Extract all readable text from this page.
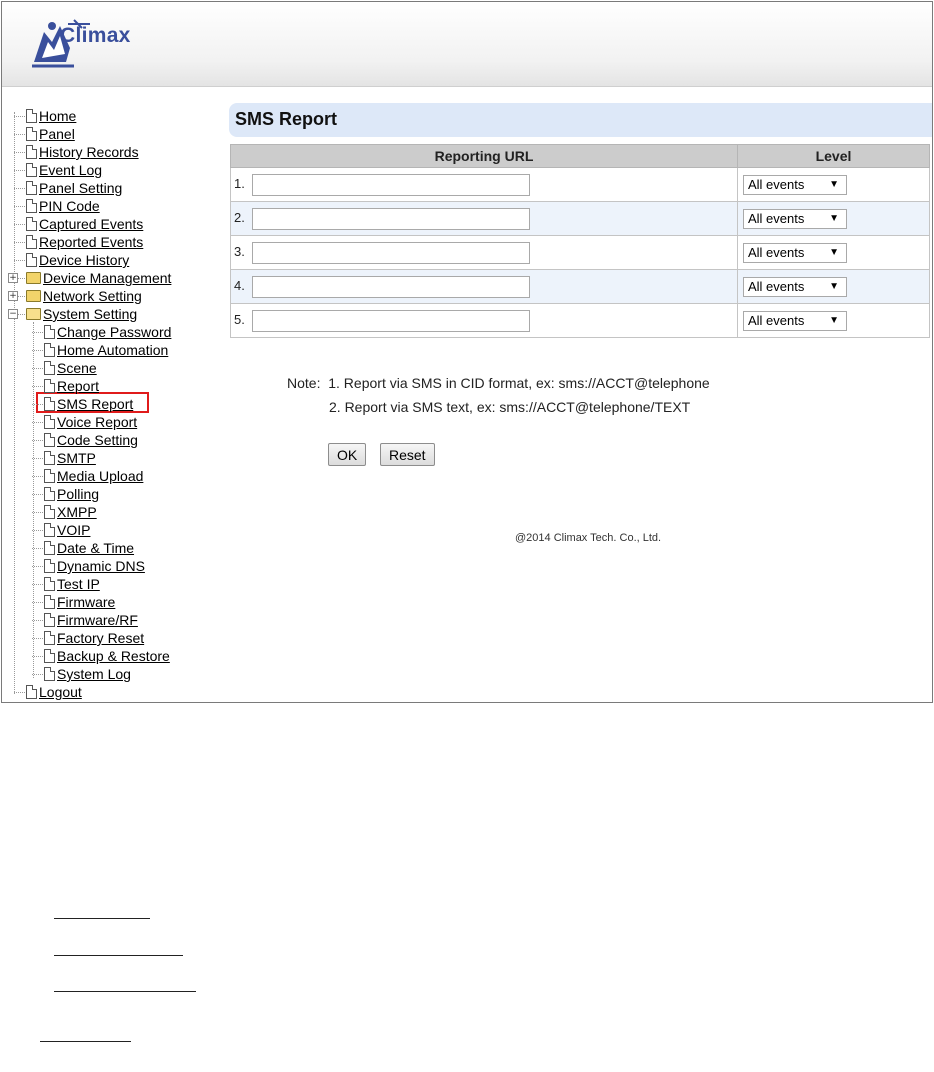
Climax
SMS Report
Reporting URL	Level
1.	All events ▼

2.	All events ▼

3.	All events ▼

4.	All events ▼

5.	All events ▼
Note:  1. Report via SMS in CID format, ex: sms://ACCT@telephone
2. Report via SMS text, ex: sms://ACCT@telephone/TEXT
OK	Reset
@2014 Climax Tech. Co., Ltd.
Home
Panel
History Records
Event Log
Panel Setting
PIN Code
Captured Events
Reported Events
Device History
Device Management
+
Network Setting
+
System Setting
−
Change Password
Home Automation
Scene
Report
SMS Report
Voice Report
Code Setting
SMTP
Media Upload
Polling
XMPP
VOIP
Date & Time
Dynamic DNS
Test IP
Firmware
Firmware/RF
Factory Reset
Backup & Restore
System Log
Logout
